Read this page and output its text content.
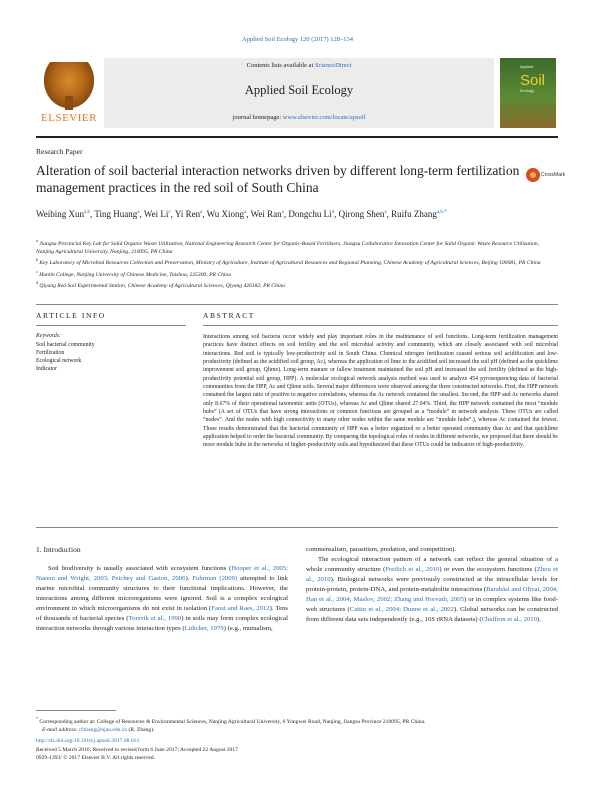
Applied Soil Ecology 120 (2017) 128–134
ELSEVIER
Contents lists available at ScienceDirect
Applied Soil Ecology
journal homepage: www.elsevier.com/locate/apsoil
Applied
Soil
Ecology
Research Paper
Alteration of soil bacterial interaction networks driven by different long-term fertilization management practices in the red soil of South China
CrossMark
Weibing Xun$^{a,b}$, Ting Huang$^a$, Wei Li$^c$, Yi Ren$^a$, Wu Xiong$^a$, Wei Ran$^a$, Dongchu Li$^d$, Qirong Shen$^a$, Ruifu Zhang$^{a,b,*}$
$^a$ Jiangsu Provincial Key Lab for Solid Organic Waste Utilization, National Engineering Research Center for Organic-Based Fertilizers, Jiangsu Collaborative Innovation Center for Solid Organic Waste Resource Utilization, Nanjing Agricultural University, Nanjing, 210095, PR China
$^b$ Key Laboratory of Microbial Resources Collection and Preservation, Ministry of Agriculture, Institute of Agricultural Resources and Regional Planning, Chinese Academy of Agricultural Sciences, Beijing 100081, PR China
$^c$ Hunlin College, Nanjing University of Chinese Medicine, Taizhou, 225300, PR China
$^d$ Qiyang Red Soil Experimental Station, Chinese Academy of Agricultural Sciences, Qiyang 426182, PR China
ARTICLE INFO	ABSTRACT
Keywords:
Soil bacterial community
Fertilization
Ecological network
Indicator
Interactions among soil bacteria occur widely and play important roles in the maintenance of soil functions. Long-term fertilization management practices have distinct effects on soil fertility and the soil microbial activity and community, which are closely associated with soil microbial interactions. Red soil is typically low-productivity soil in South China. Chemical nitrogen fertilization caused serious soil acidification and low-productivity (defined as the acidified soil group, Ac), whereas the application of lime to the acidified soil increased the soil pH (defined as the quicklime improvement soil group, Qlime). Long-term manure or fallow treatment maintained the soil pH and increased the soil fertility (defined as the high-productivity potential soil group, HPP). A molecular ecological network analysis method was used to analyze 454 pyrosequencing data of bacterial communities from the HPP, Ac and Qlime soils. Several major differences were observed among the three constructed networks. First, the HPP network contained the largest ratio of positive to negative correlations, whereas the Ac network contained the smallest. Second, the HPP and Ac networks shared only 8.67% of their operational taxonomic units (OTUs), whereas Ac and Qlime shared 27.04%. Third, the HPP network contained the most “module hubs” (A set of OTUs that have strong interactions or common functions are grouped as a “module” in network analysis. These OTUs are called “nodes”. And the nodes with high connectivity to many other nodes within the same module are “module hubs”.), whereas Ac contained the fewest. These results demonstrated that the bacterial community of HPP was a better organized or a better operated community than Ac and that quicklime application helped to order the bacterial community. By comparing the topological roles of nodes in different networks, we proposed that there should be more module hubs in the networks of higher-productivity soils and hypothesized that these OTUs could be indicators of high-productivity.
1. Introduction
Soil biodiversity is usually associated with ecosystem functions (Hooper et al., 2005; Naeem and Wright, 2003; Peichey and Gaston, 2006). Fuhrman (2009) attempted to link marine microbial community structures to their functional implications. However, the interactions among different microorganisms were ignored. Soil is a complex ecological environment in which microorganisms do not exist in isolation (Faust and Raes, 2012). Tens of thousands of bacterial species (Torsvik et al., 1990) in soils may form complex ecological interaction networks through various interaction types (Lidicker, 1979) (e.g., mutualism,
commensalism, parasitism, predation, and competition).
The ecological interaction pattern of a network can reflect the general situation of a whole community structure (Freilich et al., 2010) or even the ecosystem functions (Zhou et al., 2010). Biological networks were previously constructed at the intracellular levels for protein-protein, protein-DNA, and protein-metabolite interactions (Barabási and Oltvai, 2004; Han et al., 2004; Maslov, 2002; Zhang and Horvath, 2005) or in complex systems like food-web structures (Cattin et al., 2004; Dunne et al., 2002). Global networks can be constructed from different data sets independently (e.g., 16S rRNA datasets) (Chaffron et al., 2010).
* Corresponding author at: College of Resources & Environmental Sciences, Nanjing Agricultural University, 6 Yongwei Road, Nanjing, Jiangsu Province 210095, PR China.
E-mail address: rfzhang@njau.edu.cn (R. Zhang).
http://dx.doi.org/10.1016/j.apsoil.2017.08.013
Received 5 March 2016; Received in revised form 6 June 2017; Accepted 22 August 2017
0929-1393/ © 2017 Elsevier B.V. All rights reserved.
